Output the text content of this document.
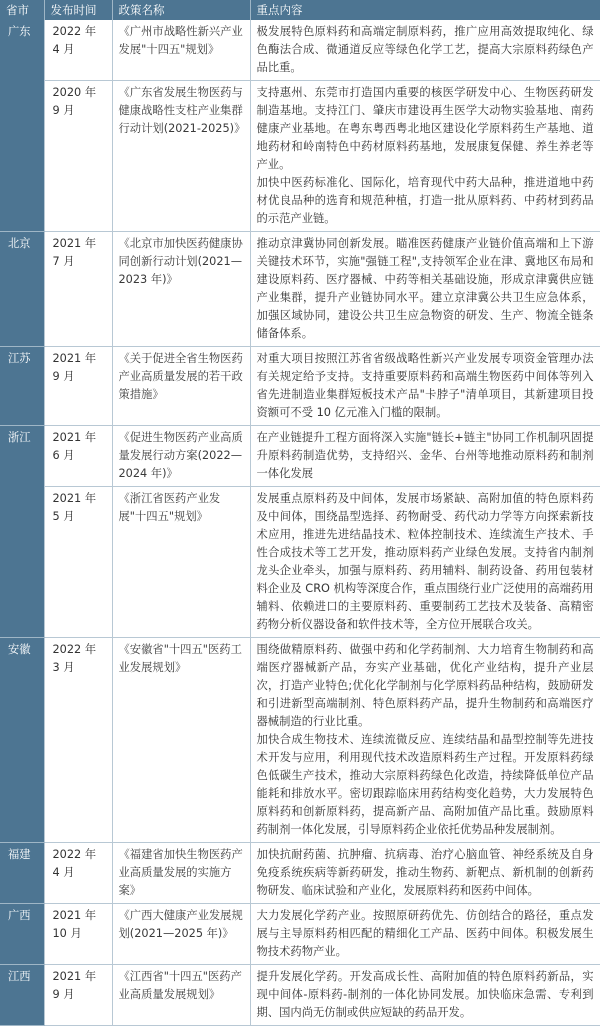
省市	发布时间	政策名称	重点内容
广东	2022 年 4 月	《广州市战略性新兴产业发展"十四五"规划》	极发展特色原料药和高端定制原料药，推广应用高效提取纯化、绿色酶法合成、微通道反应等绿色化学工艺，提高大宗原料药绿色产品比重。

	2020 年 9 月	《广东省发展生物医药与健康战略性支柱产业集群行动计划(2021-2025)》	支持惠州、东莞市打造国内重要的核医学研发中心、生物医药研发制造基地。支持江门、肇庆市建设再生医学大动物实验基地、南药健康产业基地。在粤东粤西粤北地区建设化学原料药生产基地、道地药材和岭南特色中药材原料药基地，发展康复保健、养生养老等产业。
加快中医药标准化、国际化，培育现代中药大品种，推进道地中药材优良品种的选育和规范种植，打造一批从原料药、中药材到药品的示范产业链。

北京	2021 年 7 月	《北京市加快医药健康协同创新行动计划(2021—2023 年)》	推动京津冀协同创新发展。瞄准医药健康产业链价值高端和上下游关键技术环节，实施"强链工程",支持领军企业在津、冀地区布局和建设原料药、医疗器械、中药等相关基础设施，形成京津冀供应链产业集群，提升产业链协同水平。建立京津冀公共卫生应急体系，加强区域协同，建设公共卫生应急物资的研发、生产、物流全链条储备体系。

江苏	2021 年 9 月	《关于促进全省生物医药产业高质量发展的若干政策措施》	对重大项目按照江苏省省级战略性新兴产业发展专项资金管理办法有关规定给予支持。支持重要原料药和高端生物医药中间体等列入省先进制造业集群短板技术产品"卡脖子"清单项目，其新建项目投资额可不受 10 亿元准入门槛的限制。

浙江	2021 年 6 月	《促进生物医药产业高质量发展行动方案(2022—2024 年)》	在产业链提升工程方面将深入实施"链长+链主"协同工作机制巩固提升原料药制造优势，支持绍兴、金华、台州等地推动原料药和制剂一体化发展

	2021 年 5 月	《浙江省医药产业发展"十四五"规划》	发展重点原料药及中间体，发展市场紧缺、高附加值的特色原料药及中间体，围绕晶型选择、药物耐受、药代动力学等方向探索新技术应用，推进先进结晶技术、粒体控制技术、连续流生产技术、手性合成技术等工艺开发，推动原料药产业绿色发展。支持省内制剂龙头企业牵头，加强与原料药、药用辅料、制药设备、药用包装材料企业及 CRO 机构等深度合作，重点围绕行业广泛使用的高端药用辅料、依赖进口的主要原料药、重要制药工艺技术及装备、高精密药物分析仪器设备和软件技术等，全方位开展联合攻关。

安徽	2022 年 3 月	《安徽省"十四五"医药工业发展规划》	围绕做精原料药、做强中药和化学药制剂、大力培育生物制药和高端医疗器械新产品，夯实产业基础，优化产业结构，提升产业层次，打造产业特色;优化化学制剂与化学原料药品种结构，鼓励研发和引进新型高端制剂、特色原料药产品，提升生物制药和高端医疗器械制造的行业比重。
加快合成生物技术、连续流微反应、连续结晶和晶型控制等先进技术开发与应用，利用现代技术改造原料药生产过程。开发原料药绿色低碳生产技术，推动大宗原料药绿色化改造，持续降低单位产品能耗和排放水平。密切跟踪临床用药结构变化趋势，大力发展特色原料药和创新原料药，提高新产品、高附加值产品比重。鼓励原料药制剂一体化发展，引导原料药企业依托优势品种发展制剂。

福建	2022 年 4 月	《福建省加快生物医药产业高质量发展的实施方案》	加快抗耐药菌、抗肿瘤、抗病毒、治疗心脑血管、神经系统及自身免疫系统疾病等新药研发，推动生物药、新靶点、新机制的创新药物研发、临床试验和产业化，发展原料药和医药中间体。

广西	2021 年 10 月	《广西大健康产业发展规划(2021—2025 年)》	大力发展化学药产业。按照原研药优先、仿创结合的路径，重点发展与主导原料药相匹配的精细化工产品、医药中间体。积极发展生物技术药物产业。

江西	2021 年 9 月	《江西省"十四五"医药产业高质量发展规划》	提升发展化学药。开发高成长性、高附加值的特色原料药新品，实现中间体-原料药-制剂的一体化协同发展。加快临床急需、专利到期、国内尚无仿制或供应短缺的药品开发。
